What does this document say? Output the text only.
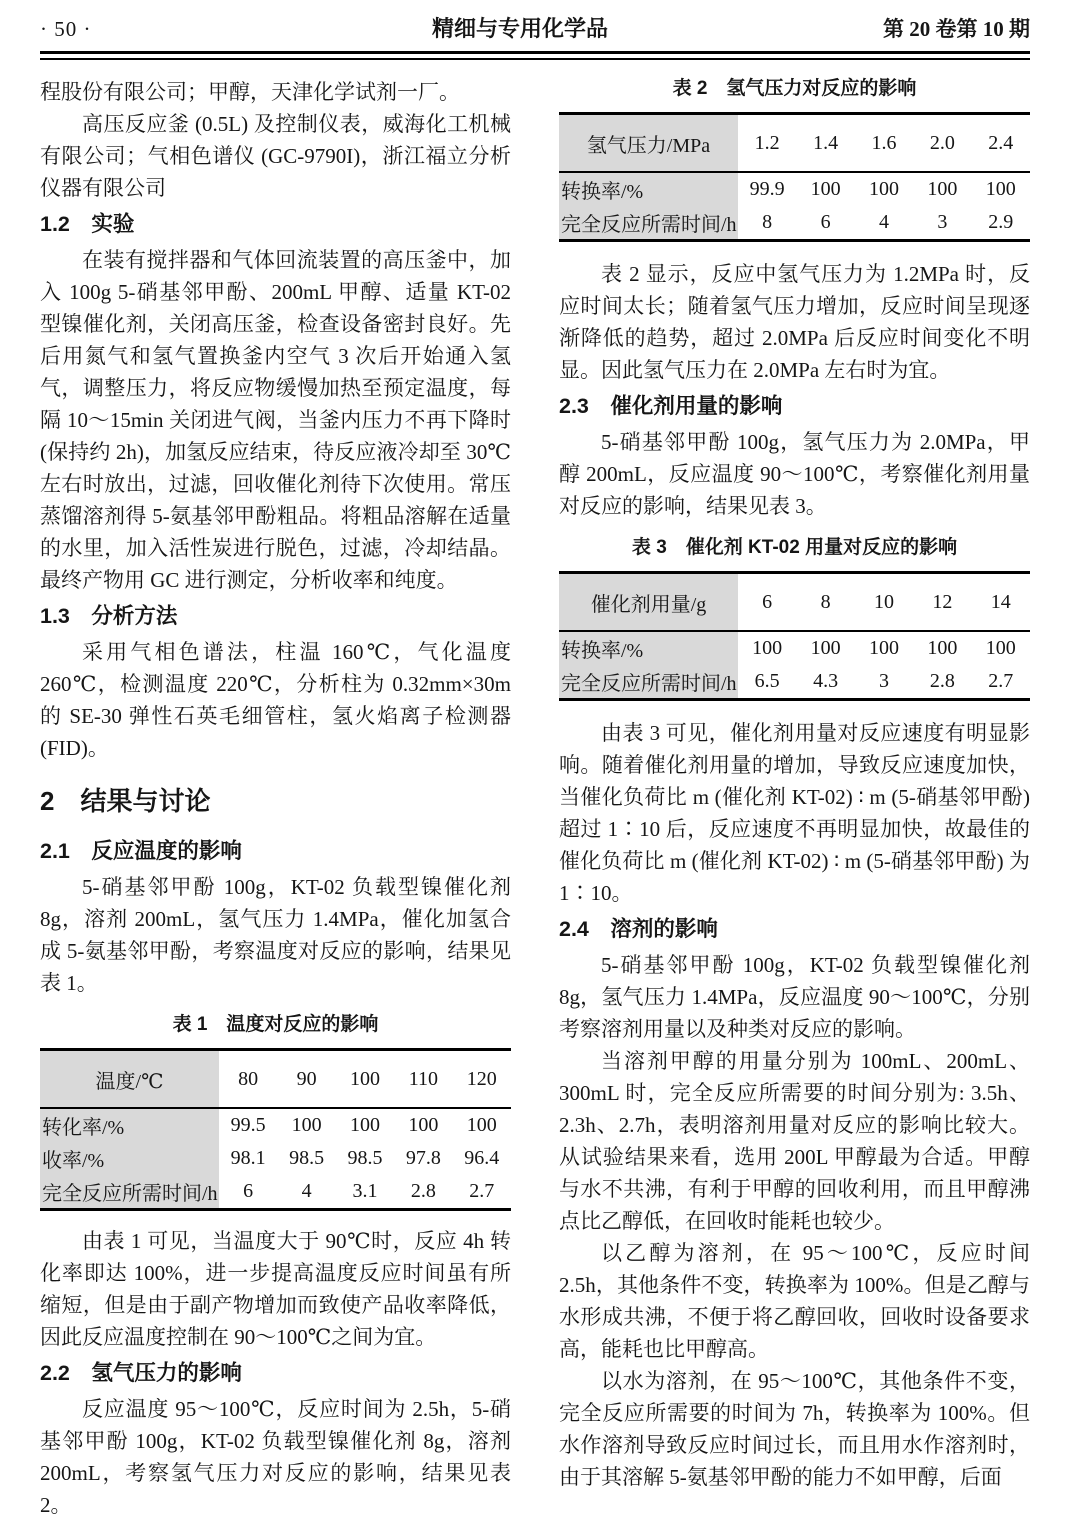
· 50 ·	精细与专用化学品	第 20 卷第 10 期

程股份有限公司；甲醇，天津化学试剂一厂。

高压反应釜 (0.5L) 及控制仪表，威海化工机械有限公司；气相色谱仪 (GC-9790I)，浙江福立分析仪器有限公司

1.2　实验

在装有搅拌器和气体回流装置的高压釜中，加入 100g 5-硝基邻甲酚、200mL 甲醇、适量 KT-02 型镍催化剂，关闭高压釜，检查设备密封良好。先后用氮气和氢气置换釜内空气 3 次后开始通入氢气，调整压力，将反应物缓慢加热至预定温度，每隔 10～15min 关闭进气阀，当釜内压力不再下降时 (保持约 2h)，加氢反应结束，待反应液冷却至 30℃左右时放出，过滤，回收催化剂待下次使用。常压蒸馏溶剂得 5-氨基邻甲酚粗品。将粗品溶解在适量的水里，加入活性炭进行脱色，过滤，冷却结晶。最终产物用 GC 进行测定，分析收率和纯度。

1.3　分析方法

采用气相色谱法，柱温 160℃，气化温度 260℃，检测温度 220℃，分析柱为 0.32mm×30m 的 SE-30 弹性石英毛细管柱，氢火焰离子检测器 (FID)。

2　结果与讨论
2.1　反应温度的影响

5-硝基邻甲酚 100g，KT-02 负载型镍催化剂 8g，溶剂 200mL，氢气压力 1.4MPa，催化加氢合成 5-氨基邻甲酚，考察温度对反应的影响，结果见表 1。

表 1　温度对反应的影响
温度/℃	80	90	100	110	120
转化率/%	99.5	100	100	100	100
收率/%	98.1	98.5	98.5	97.8	96.4
完全反应所需时间/h	6	4	3.1	2.8	2.7

由表 1 可见，当温度大于 90℃时，反应 4h 转化率即达 100%，进一步提高温度反应时间虽有所缩短，但是由于副产物增加而致使产品收率降低，因此反应温度控制在 90～100℃之间为宜。

2.2　氢气压力的影响

反应温度 95～100℃，反应时间为 2.5h，5-硝基邻甲酚 100g，KT-02 负载型镍催化剂 8g，溶剂 200mL，考察氢气压力对反应的影响，结果见表 2。

表 2　氢气压力对反应的影响
氢气压力/MPa	1.2	1.4	1.6	2.0	2.4
转换率/%	99.9	100	100	100	100
完全反应所需时间/h	8	6	4	3	2.9

表 2 显示，反应中氢气压力为 1.2MPa 时，反应时间太长；随着氢气压力增加，反应时间呈现逐渐降低的趋势，超过 2.0MPa 后反应时间变化不明显。因此氢气压力在 2.0MPa 左右时为宜。

2.3　催化剂用量的影响

5-硝基邻甲酚 100g，氢气压力为 2.0MPa，甲醇 200mL，反应温度 90～100℃，考察催化剂用量对反应的影响，结果见表 3。

表 3　催化剂 KT-02 用量对反应的影响
催化剂用量/g	6	8	10	12	14
转换率/%	100	100	100	100	100
完全反应所需时间/h	6.5	4.3	3	2.8	2.7

由表 3 可见，催化剂用量对反应速度有明显影响。随着催化剂用量的增加，导致反应速度加快，当催化负荷比 m (催化剂 KT-02) ∶ m (5-硝基邻甲酚) 超过 1∶10 后，反应速度不再明显加快，故最佳的催化负荷比 m (催化剂 KT-02) ∶ m (5-硝基邻甲酚) 为 1∶10。

2.4　溶剂的影响

5-硝基邻甲酚 100g，KT-02 负载型镍催化剂 8g，氢气压力 1.4MPa，反应温度 90～100℃，分别考察溶剂用量以及种类对反应的影响。

当溶剂甲醇的用量分别为 100mL、200mL、300mL 时，完全反应所需要的时间分别为: 3.5h、2.3h、2.7h，表明溶剂用量对反应的影响比较大。从试验结果来看，选用 200L 甲醇最为合适。甲醇与水不共沸，有利于甲醇的回收利用，而且甲醇沸点比乙醇低，在回收时能耗也较少。

以乙醇为溶剂，在 95～100℃，反应时间 2.5h，其他条件不变，转换率为 100%。但是乙醇与水形成共沸，不便于将乙醇回收，回收时设备要求高，能耗也比甲醇高。

以水为溶剂，在 95～100℃，其他条件不变，完全反应所需要的时间为 7h，转换率为 100%。但水作溶剂导致反应时间过长，而且用水作溶剂时，由于其溶解 5-氨基邻甲酚的能力不如甲醇，后面
